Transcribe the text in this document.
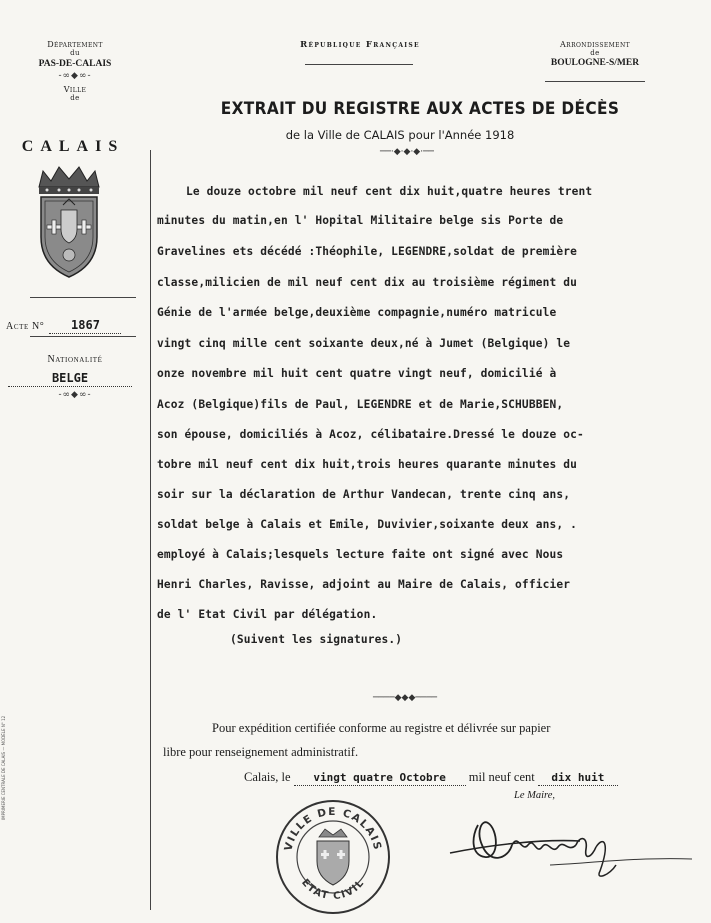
Département
du
PAS-DE-CALAIS
-∞◆∞-
Ville
de
CALAIS
Acte N° 1867
Nationalité
BELGE
-∞◆∞-
République Française	Arrondissement
de
BOULOGNE-S/MER
EXTRAIT DU REGISTRE AUX ACTES DE DÉCÈS
de la Ville de CALAIS pour l'Année 1918
──·◆·◆·◆·──
Le douze octobre mil neuf cent dix huit,quatre heures trent
minutes du matin,en l' Hopital Militaire belge sis Porte de
Gravelines ets décédé :Théophile, LEGENDRE,soldat de première
classe,milicien de mil neuf cent dix au troisième régiment du
Génie de l'armée belge,deuxième compagnie,numéro matricule
vingt cinq mille cent soixante deux,né à Jumet (Belgique) le
onze novembre mil huit cent quatre vingt neuf, domicilié à
Acoz (Belgique)fils de Paul, LEGENDRE et de Marie,SCHUBBEN,
son épouse, domiciliés à Acoz, célibataire.Dressé le douze oc-
tobre mil neuf cent dix huit,trois heures quarante minutes du
soir sur la déclaration de Arthur Vandecan, trente cinq ans,
soldat belge à Calais et Emile, Duvivier,soixante deux ans, .
employé à Calais;lesquels lecture faite ont signé avec Nous
Henri Charles, Ravisse, adjoint au Maire de Calais, officier
de l' Etat Civil par délégation.
(Suivent les signatures.)
────◆◆◆────
Pour expédition certifiée conforme au registre et délivrée sur papier
libre pour renseignement administratif.
Calais, le vingt quatre Octobre mil neuf cent dix huit
Le Maire,
VILLE DE CALAIS
ETAT CIVIL
IMPRIMERIE CENTRALE DE CALAIS — MODÈLE N° 12
